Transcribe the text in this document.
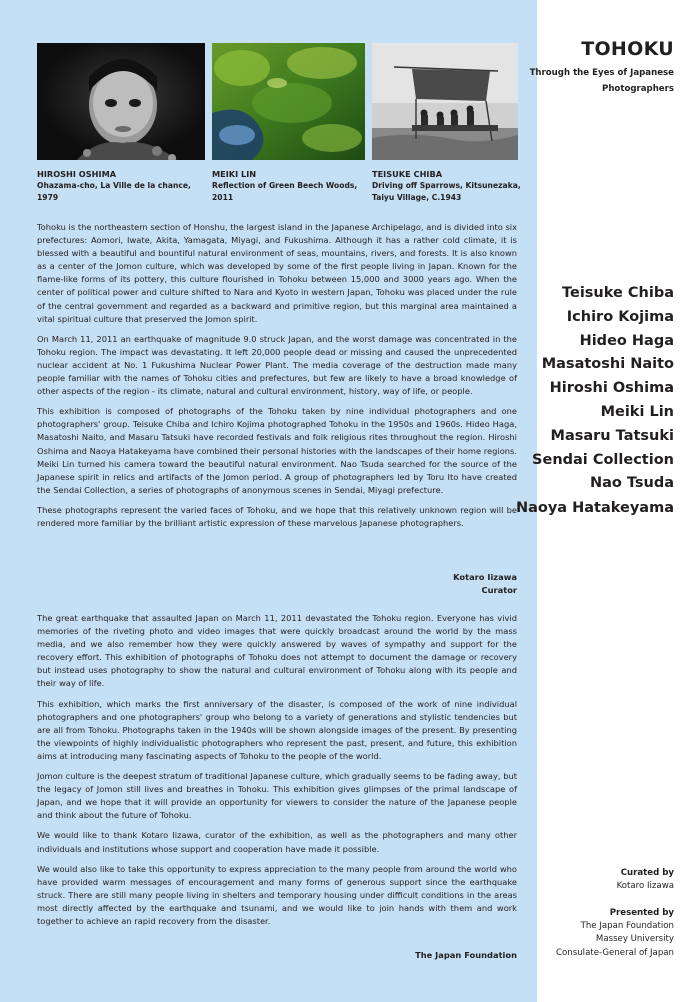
HIROSHI OSHIMA
Ohazama-cho, La Ville de la chance, 1979
MEIKI LIN
Reflection of Green Beech Woods, 2011
TEISUKE CHIBA
Driving off Sparrows, Kitsunezaka, Taiyu Village, C.1943

Tohoku is the northeastern section of Honshu, the largest island in the Japanese Archipelago, and is divided into six prefectures: Aomori, Iwate, Akita, Yamagata, Miyagi, and Fukushima. Although it has a rather cold climate, it is blessed with a beautiful and bountiful natural environment of seas, mountains, rivers, and forests. It is also known as a center of the Jomon culture, which was developed by some of the first people living in Japan. Known for the flame-like forms of its pottery, this culture flourished in Tohoku between 15,000 and 3000 years ago. When the center of political power and culture shifted to Nara and Kyoto in western Japan, Tohoku was placed under the rule of the central government and regarded as a backward and primitive region, but this marginal area maintained a vital spiritual culture that preserved the Jomon spirit.

On March 11, 2011 an earthquake of magnitude 9.0 struck Japan, and the worst damage was concentrated in the Tohoku region. The impact was devastating. It left 20,000 people dead or missing and caused the unprecedented nuclear accident at No. 1 Fukushima Nuclear Power Plant. The media coverage of the destruction made many people familiar with the names of Tohoku cities and prefectures, but few are likely to have a broad knowledge of other aspects of the region - its climate, natural and cultural environment, history, way of life, or people.

This exhibition is composed of photographs of the Tohoku taken by nine individual photographers and one photographers' group. Teisuke Chiba and Ichiro Kojima photographed Tohoku in the 1950s and 1960s. Hideo Haga, Masatoshi Naito, and Masaru Tatsuki have recorded festivals and folk religious rites throughout the region. Hiroshi Oshima and Naoya Hatakeyama have combined their personal histories with the landscapes of their home regions. Meiki Lin turned his camera toward the beautiful natural environment. Nao Tsuda searched for the source of the Japanese spirit in relics and artifacts of the Jomon period. A group of photographers led by Toru Ito have created the Sendai Collection, a series of photographs of anonymous scenes in Sendai, Miyagi prefecture.

These photographs represent the varied faces of Tohoku, and we hope that this relatively unknown region will be rendered more familiar by the brilliant artistic expression of these marvelous Japanese photographers.

Kotaro Iizawa
Curator

The great earthquake that assaulted Japan on March 11, 2011 devastated the Tohoku region. Everyone has vivid memories of the riveting photo and video images that were quickly broadcast around the world by the mass media, and we also remember how they were quickly answered by waves of sympathy and support for the recovery effort. This exhibition of photographs of Tohoku does not attempt to document the damage or recovery but instead uses photography to show the natural and cultural environment of Tohoku along with its people and their way of life.

This exhibition, which marks the first anniversary of the disaster, is composed of the work of nine individual photographers and one photographers' group who belong to a variety of generations and stylistic tendencies but are all from Tohoku. Photographs taken in the 1940s will be shown alongside images of the present. By presenting the viewpoints of highly individualistic photographers who represent the past, present, and future, this exhibition aims at introducing many fascinating aspects of Tohoku to the people of the world.

Jomon culture is the deepest stratum of traditional Japanese culture, which gradually seems to be fading away, but the legacy of Jomon still lives and breathes in Tohoku. This exhibition gives glimpses of the primal landscape of Japan, and we hope that it will provide an opportunity for viewers to consider the nature of the Japanese people and think about the future of Tohoku.

We would like to thank Kotaro Iizawa, curator of the exhibition, as well as the photographers and many other individuals and institutions whose support and cooperation have made it possible.

We would also like to take this opportunity to express appreciation to the many people from around the world who have provided warm messages of encouragement and many forms of generous support since the earthquake struck. There are still many people living in shelters and temporary housing under difficult conditions in the areas most directly affected by the earthquake and tsunami, and we would like to join hands with them and work together to achieve an rapid recovery from the disaster.

The Japan Foundation
TOHOKU
Through the Eyes of Japanese Photographers
Teisuke Chiba
Ichiro Kojima
Hideo Haga
Masatoshi Naito
Hiroshi Oshima
Meiki Lin
Masaru Tatsuki
Sendai Collection
Nao Tsuda
Naoya Hatakeyama
Curated by
Kotaro Iizawa
Presented by
The Japan Foundation
Massey University
Consulate-General of Japan
